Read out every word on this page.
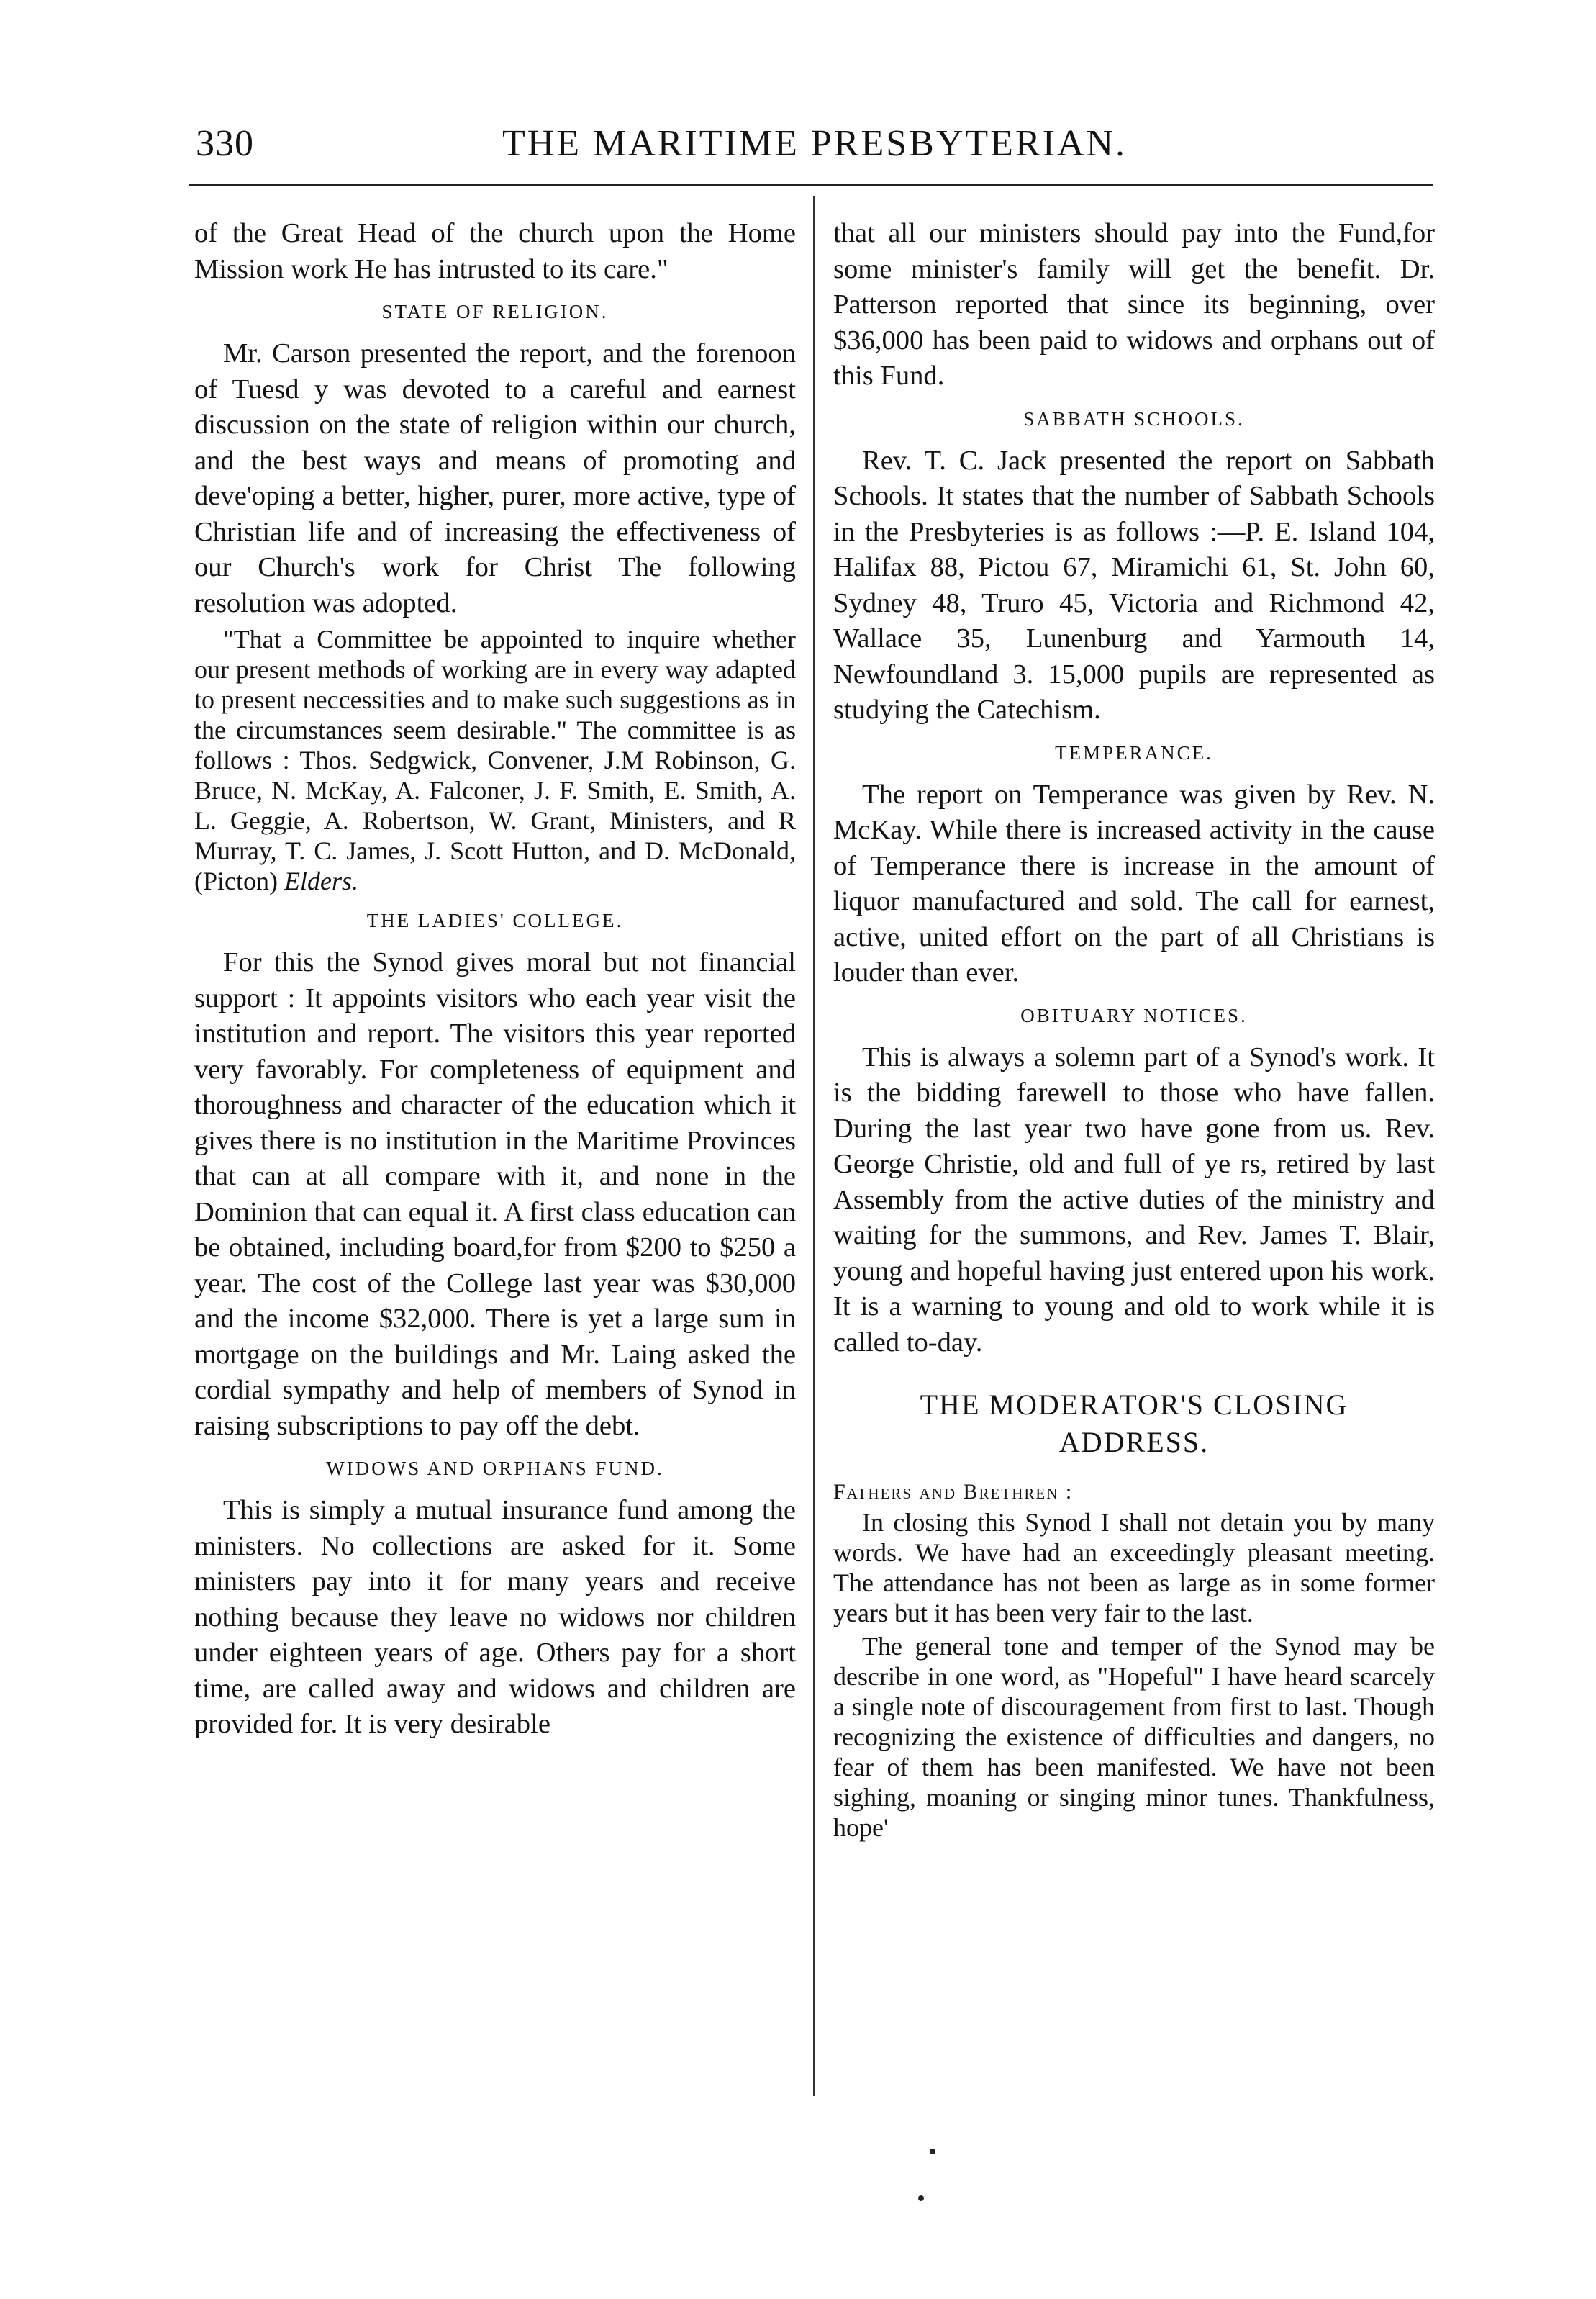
330	THE MARITIME PRESBYTERIAN.

of the Great Head of the church upon the Home Mission work He has intrusted to its care."

STATE OF RELIGION.

Mr. Carson presented the report, and the forenoon of Tuesd y was devoted to a careful and earnest discussion on the state of religion within our church, and the best ways and means of promoting and deve'oping a better, higher, purer, more active, type of Christian life and of increasing the effectiveness of our Church's work for Christ The following resolution was adopted.

"That a Committee be appointed to inquire whether our present methods of working are in every way adapted to present neccessities and to make such suggestions as in the circumstances seem desirable." The committee is as follows : Thos. Sedgwick, Convener, J.M Robinson, G. Bruce, N. McKay, A. Falconer, J. F. Smith, E. Smith, A. L. Geggie, A. Robertson, W. Grant, Ministers, and R Murray, T. C. James, J. Scott Hutton, and D. McDonald, (Picton) Elders.

THE LADIES' COLLEGE.

For this the Synod gives moral but not financial support : It appoints visitors who each year visit the institution and report. The visitors this year reported very favorably. For completeness of equipment and thoroughness and character of the education which it gives there is no institution in the Maritime Provinces that can at all compare with it, and none in the Dominion that can equal it. A first class education can be obtained, including board,for from $200 to $250 a year. The cost of the College last year was $30,000 and the income $32,000. There is yet a large sum in mortgage on the buildings and Mr. Laing asked the cordial sympathy and help of members of Synod in raising subscriptions to pay off the debt.

WIDOWS AND ORPHANS FUND.

This is simply a mutual insurance fund among the ministers. No collections are asked for it. Some ministers pay into it for many years and receive nothing because they leave no widows nor children under eighteen years of age. Others pay for a short time, are called away and widows and children are provided for. It is very desirable

that all our ministers should pay into the Fund,for some minister's family will get the benefit. Dr. Patterson reported that since its beginning, over $36,000 has been paid to widows and orphans out of this Fund.

SABBATH SCHOOLS.

Rev. T. C. Jack presented the report on Sabbath Schools. It states that the number of Sabbath Schools in the Presbyteries is as follows :—P. E. Island 104, Halifax 88, Pictou 67, Miramichi 61, St. John 60, Sydney 48, Truro 45, Victoria and Richmond 42, Wallace 35, Lunenburg and Yarmouth 14, Newfoundland 3. 15,000 pupils are represented as studying the Catechism.

TEMPERANCE.

The report on Temperance was given by Rev. N. McKay. While there is increased activity in the cause of Temperance there is increase in the amount of liquor manufactured and sold. The call for earnest, active, united effort on the part of all Christians is louder than ever.

OBITUARY NOTICES.

This is always a solemn part of a Synod's work. It is the bidding farewell to those who have fallen. During the last year two have gone from us. Rev. George Christie, old and full of ye rs, retired by last Assembly from the active duties of the ministry and waiting for the summons, and Rev. James T. Blair, young and hopeful having just entered upon his work. It is a warning to young and old to work while it is called to-day.

THE MODERATOR'S CLOSING
ADDRESS.
Fathers and Brethren :

In closing this Synod I shall not detain you by many words. We have had an exceedingly pleasant meeting. The attendance has not been as large as in some former years but it has been very fair to the last.

The general tone and temper of the Synod may be describe in one word, as "Hopeful" I have heard scarcely a single note of discouragement from first to last. Though recognizing the existence of difficulties and dangers, no fear of them has been manifested. We have not been sighing, moaning or singing minor tunes. Thankfulness, hope'
